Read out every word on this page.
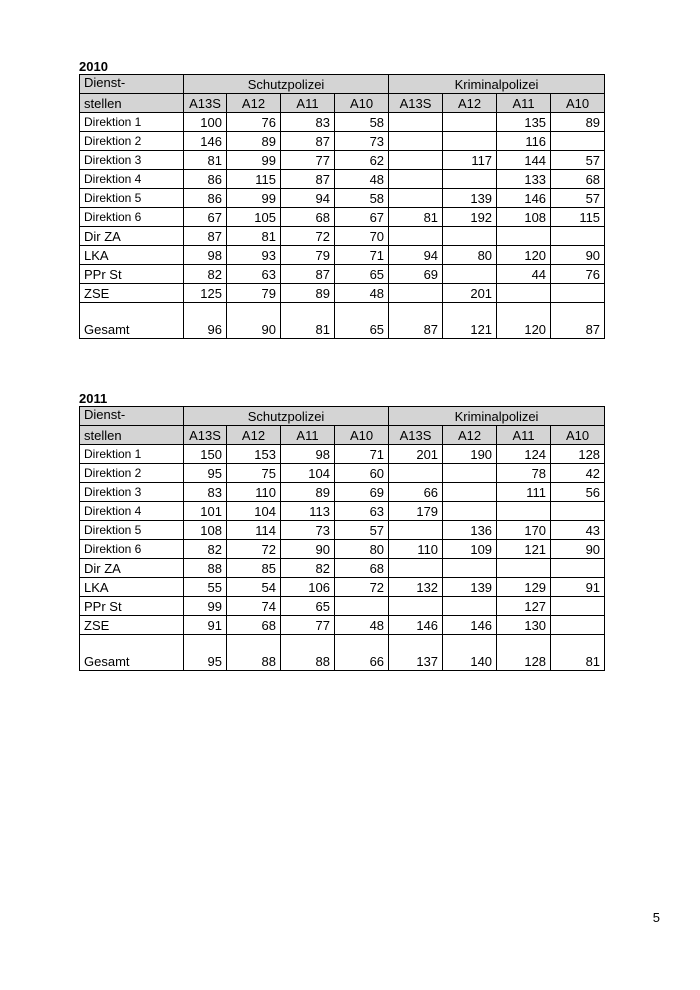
2010
Dienst-	Schutzpolizei				Kriminalpolizei			
stellen	A13S	A12	A11	A10	A13S	A12	A11	A10
Direktion 1	100	76	83	58			135	89
Direktion 2	146	89	87	73			116	
Direktion 3	81	99	77	62		117	144	57
Direktion 4	86	115	87	48			133	68
Direktion 5	86	99	94	58		139	146	57
Direktion 6	67	105	68	67	81	192	108	115
Dir ZA	87	81	72	70				
LKA	98	93	79	71	94	80	120	90
PPr St	82	63	87	65	69		44	76
ZSE	125	79	89	48		201		
Gesamt	96	90	81	65	87	121	120	87
2011
Dienst-	Schutzpolizei				Kriminalpolizei			
stellen	A13S	A12	A11	A10	A13S	A12	A11	A10
Direktion 1	150	153	98	71	201	190	124	128
Direktion 2	95	75	104	60			78	42
Direktion 3	83	110	89	69	66		111	56
Direktion 4	101	104	113	63	179			
Direktion 5	108	114	73	57		136	170	43
Direktion 6	82	72	90	80	110	109	121	90
Dir ZA	88	85	82	68				
LKA	55	54	106	72	132	139	129	91
PPr St	99	74	65				127	
ZSE	91	68	77	48	146	146	130	
Gesamt	95	88	88	66	137	140	128	81
5
